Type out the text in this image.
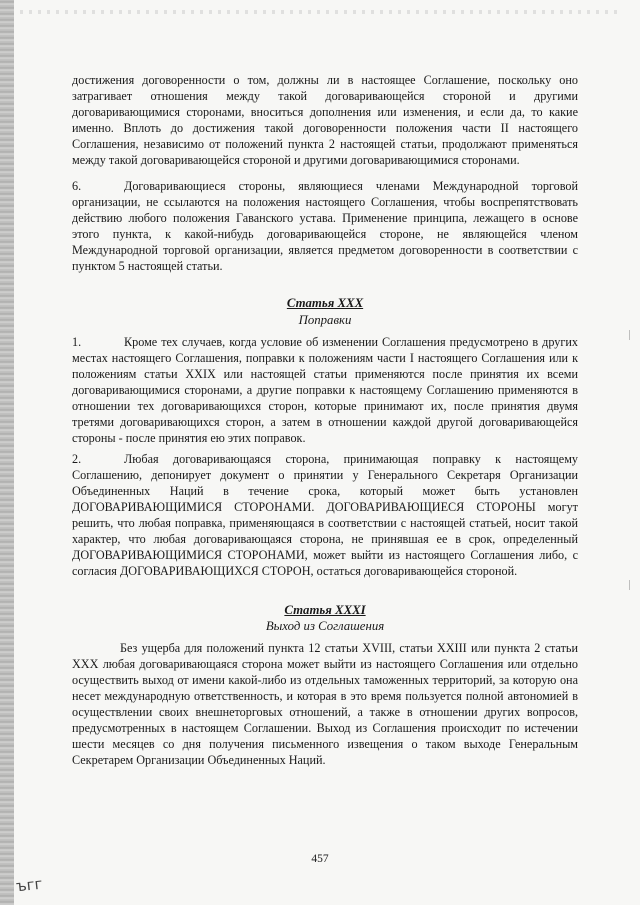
достижения договоренности о том, должны ли в настоящее Соглашение, поскольку оно затрагивает отношения между такой договаривающейся стороной и другими договаривающимися сторонами, вноситься дополнения или изменения, и если да, то какие именно. Вплоть до достижения такой договоренности положения части II настоящего Соглашения, независимо от положений пункта 2 настоящей статьи, продолжают применяться между такой договаривающейся стороной и другими договаривающимися сторонами.
6.	Договаривающиеся стороны, являющиеся членами Международной торговой организации, не ссылаются на положения настоящего Соглашения, чтобы воспрепятствовать действию любого положения Гаванского устава. Применение принципа, лежащего в основе этого пункта, к какой-нибудь договаривающейся стороне, не являющейся членом Международной торговой организации, является предметом договоренности в соответствии с пунктом 5 настоящей статьи.
Статья XXX
Поправки
1.	Кроме тех случаев, когда условие об изменении Соглашения предусмотрено в других местах настоящего Соглашения, поправки к положениям части I настоящего Соглашения или к положениям статьи XXIX или настоящей статьи применяются после принятия их всеми договаривающимися сторонами, а другие поправки к настоящему Соглашению применяются в отношении тех договаривающихся сторон, которые принимают их, после принятия двумя третями договаривающихся сторон, а затем в отношении каждой другой договаривающейся стороны - после принятия ею этих поправок.
2.	Любая договаривающаяся сторона, принимающая поправку к настоящему Соглашению, депонирует документ о принятии у Генерального Секретаря Организации Объединенных Наций в течение срока, который может быть установлен ДОГОВАРИВАЮЩИМИСЯ СТОРОНАМИ. ДОГОВАРИВАЮЩИЕСЯ СТОРОНЫ могут решить, что любая поправка, применяющаяся в соответствии с настоящей статьей, носит такой характер, что любая договаривающаяся сторона, не принявшая ее в срок, определенный ДОГОВАРИВАЮЩИМИСЯ СТОРОНАМИ, может выйти из настоящего Соглашения либо, с согласия ДОГОВАРИВАЮЩИХСЯ СТОРОН, остаться договаривающейся стороной.
Статья XXXI
Выход из Соглашения
Без ущерба для положений пункта 12 статьи XVIII, статьи XXIII или пункта 2 статьи XXX любая договаривающаяся сторона может выйти из настоящего Соглашения или отдельно осуществить выход от имени какой-либо из отдельных таможенных территорий, за которую она несет международную ответственность, и которая в это время пользуется полной автономией в осуществлении своих внешнеторговых отношений, а также в отношении других вопросов, предусмотренных в настоящем Соглашении. Выход из Соглашения происходит по истечении шести месяцев со дня получения письменного извещения о таком выходе Генеральным Секретарем Организации Объединенных Наций.
457
ъгг
